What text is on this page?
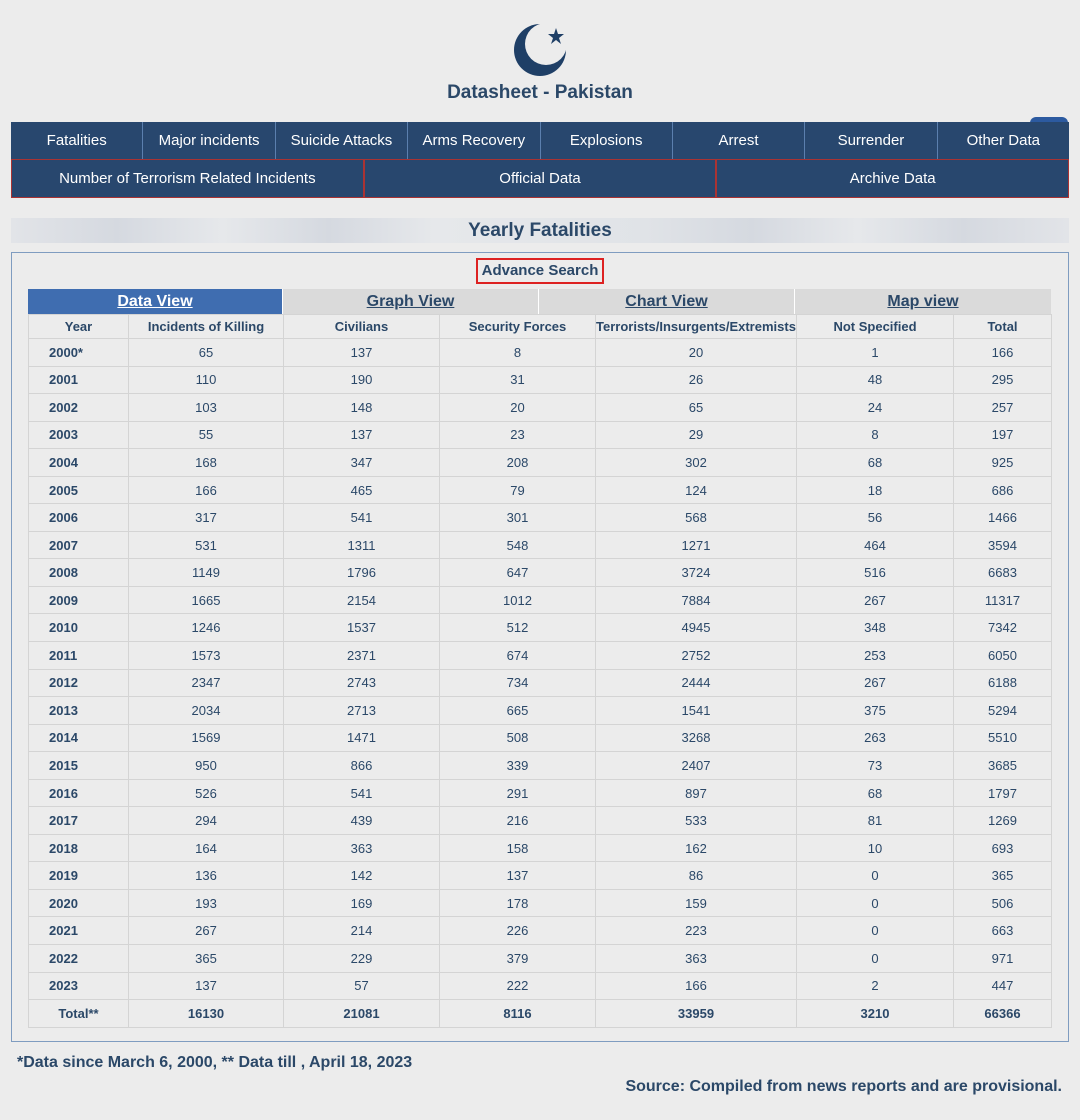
Datasheet - Pakistan
Fatalities	Major incidents	Suicide Attacks	Arms Recovery	Explosions	Arrest	Surrender	Other Data
Number of Terrorism Related Incidents	Official Data	Archive Data
Yearly Fatalities
Advance Search
Data View	Graph View	Chart View	Map view
Year	Incidents of Killing	Civilians	Security Forces	Terrorists/Insurgents/Extremists	Not Specified	Total
2000*	65	137	8	20	1	166
2001	110	190	31	26	48	295
2002	103	148	20	65	24	257
2003	55	137	23	29	8	197
2004	168	347	208	302	68	925
2005	166	465	79	124	18	686
2006	317	541	301	568	56	1466
2007	531	1311	548	1271	464	3594
2008	1149	1796	647	3724	516	6683
2009	1665	2154	1012	7884	267	11317
2010	1246	1537	512	4945	348	7342
2011	1573	2371	674	2752	253	6050
2012	2347	2743	734	2444	267	6188
2013	2034	2713	665	1541	375	5294
2014	1569	1471	508	3268	263	5510
2015	950	866	339	2407	73	3685
2016	526	541	291	897	68	1797
2017	294	439	216	533	81	1269
2018	164	363	158	162	10	693
2019	136	142	137	86	0	365
2020	193	169	178	159	0	506
2021	267	214	226	223	0	663
2022	365	229	379	363	0	971
2023	137	57	222	166	2	447
Total**	16130	21081	8116	33959	3210	66366
*Data since March 6, 2000, ** Data till , April 18, 2023
Source: Compiled from news reports and are provisional.
